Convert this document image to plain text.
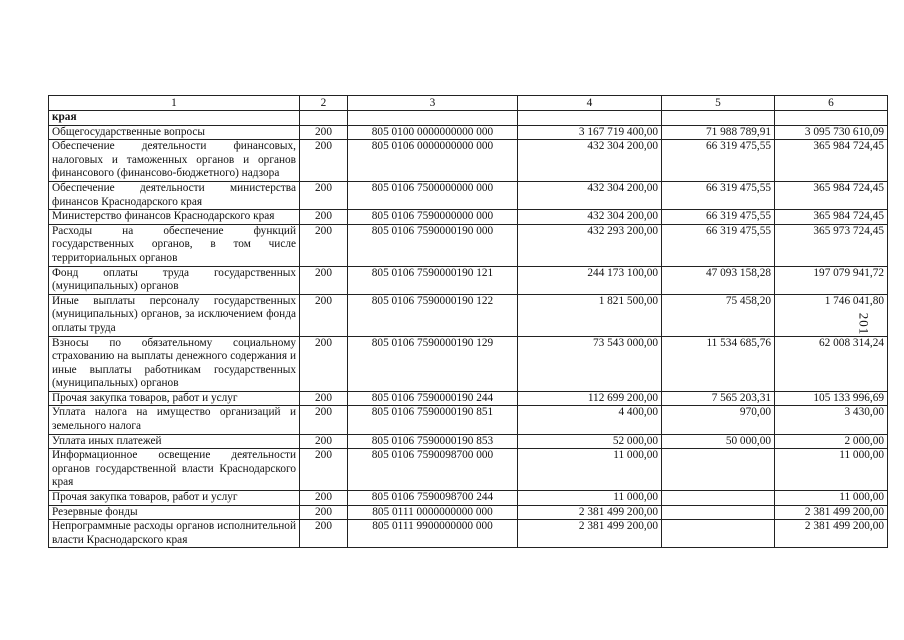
201
1	2	3	4	5	6
края					
Общегосударственные вопросы	200	805 0100 0000000000 000	3 167 719 400,00	71 988 789,91	3 095 730 610,09
Обеспечение деятельности финансовых, налоговых и таможенных органов и органов финансового (финансово-бюджетного) надзора	200	805 0106 0000000000 000	432 304 200,00	66 319 475,55	365 984 724,45
Обеспечение деятельности министерства финансов Краснодарского края	200	805 0106 7500000000 000	432 304 200,00	66 319 475,55	365 984 724,45
Министерство финансов Краснодарского края	200	805 0106 7590000000 000	432 304 200,00	66 319 475,55	365 984 724,45
Расходы на обеспечение функций государственных органов, в том числе территориальных органов	200	805 0106 7590000190 000	432 293 200,00	66 319 475,55	365 973 724,45
Фонд оплаты труда государственных (муниципальных) органов	200	805 0106 7590000190 121	244 173 100,00	47 093 158,28	197 079 941,72
Иные выплаты персоналу государственных (муниципальных) органов, за исключением фонда оплаты труда	200	805 0106 7590000190 122	1 821 500,00	75 458,20	1 746 041,80
Взносы по обязательному социальному страхованию на выплаты денежного содержания и иные выплаты работникам государственных (муниципальных) органов	200	805 0106 7590000190 129	73 543 000,00	11 534 685,76	62 008 314,24
Прочая закупка товаров, работ и услуг	200	805 0106 7590000190 244	112 699 200,00	7 565 203,31	105 133 996,69
Уплата налога на имущество организаций и земельного налога	200	805 0106 7590000190 851	4 400,00	970,00	3 430,00
Уплата иных платежей	200	805 0106 7590000190 853	52 000,00	50 000,00	2 000,00
Информационное освещение деятельности органов государственной власти Краснодарского края	200	805 0106 7590098700 000	11 000,00		11 000,00
Прочая закупка товаров, работ и услуг	200	805 0106 7590098700 244	11 000,00		11 000,00
Резервные фонды	200	805 0111 0000000000 000	2 381 499 200,00		2 381 499 200,00
Непрограммные расходы органов исполнительной власти Краснодарского края	200	805 0111 9900000000 000	2 381 499 200,00		2 381 499 200,00
